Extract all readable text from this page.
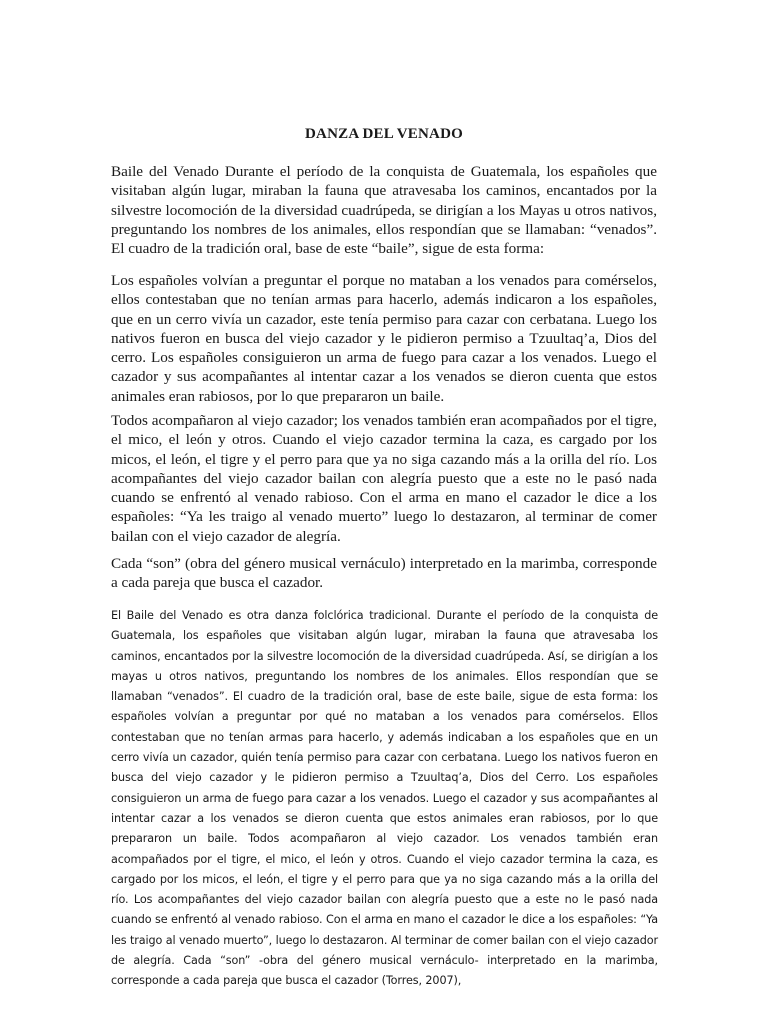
DANZA DEL VENADO

Baile del Venado Durante el período de la conquista de Guatemala, los españoles que visitaban algún lugar, miraban la fauna que atravesaba los caminos, encantados por la silvestre locomoción de la diversidad cuadrúpeda, se dirigían a los Mayas u otros nativos, preguntando los nombres de los animales, ellos respondían que se llamaban: “venados”. El cuadro de la tradición oral, base de este “baile”, sigue de esta forma:

Los españoles volvían a preguntar el porque no mataban a los venados para comérselos, ellos contestaban que no tenían armas para hacerlo, además indicaron a los españoles, que en un cerro vivía un cazador, este tenía permiso para cazar con cerbatana. Luego los nativos fueron en busca del viejo cazador y le pidieron permiso a Tzuultaq’a, Dios del cerro. Los españoles consiguieron un arma de fuego para cazar a los venados. Luego el cazador y sus acompañantes al intentar cazar a los venados se dieron cuenta que estos animales eran rabiosos, por lo que prepararon un baile.

Todos acompañaron al viejo cazador; los venados también eran acompañados por el tigre, el mico, el león y otros. Cuando el viejo cazador termina la caza, es cargado por los micos, el león, el tigre y el perro para que ya no siga cazando más a la orilla del río. Los acompañantes del viejo cazador bailan con alegría puesto que a este no le pasó nada cuando se enfrentó al venado rabioso. Con el arma en mano el cazador le dice a los españoles: “Ya les traigo al venado muerto” luego lo destazaron, al terminar de comer bailan con el viejo cazador de alegría.

Cada “son” (obra del género musical vernáculo) interpretado en la marimba, corresponde a cada pareja que busca el cazador.

El Baile del Venado es otra danza folclórica tradicional. Durante el período de la conquista de Guatemala, los españoles que visitaban algún lugar, miraban la fauna que atravesaba los caminos, encantados por la silvestre locomoción de la diversidad cuadrúpeda. Así, se dirigían a los mayas u otros nativos, preguntando los nombres de los animales. Ellos respondían que se llamaban “venados”. El cuadro de la tradición oral, base de este baile, sigue de esta forma: los españoles volvían a preguntar por qué no mataban a los venados para comérselos. Ellos contestaban que no tenían armas para hacerlo, y además indicaban a los españoles que en un cerro vivía un cazador, quién tenía permiso para cazar con cerbatana. Luego los nativos fueron en busca del viejo cazador y le pidieron permiso a Tzuultaq’a, Dios del Cerro. Los españoles consiguieron un arma de fuego para cazar a los venados. Luego el cazador y sus acompañantes al intentar cazar a los venados se dieron cuenta que estos animales eran rabiosos, por lo que prepararon un baile. Todos acompañaron al viejo cazador. Los venados también eran acompañados por el tigre, el mico, el león y otros. Cuando el viejo cazador termina la caza, es cargado por los micos, el león, el tigre y el perro para que ya no siga cazando más a la orilla del río. Los acompañantes del viejo cazador bailan con alegría puesto que a este no le pasó nada cuando se enfrentó al venado rabioso. Con el arma en mano el cazador le dice a los españoles: “Ya les traigo al venado muerto”, luego lo destazaron. Al terminar de comer bailan con el viejo cazador de alegría. Cada “son” -obra del género musical vernáculo- interpretado en la marimba, corresponde a cada pareja que busca el cazador (Torres, 2007),
